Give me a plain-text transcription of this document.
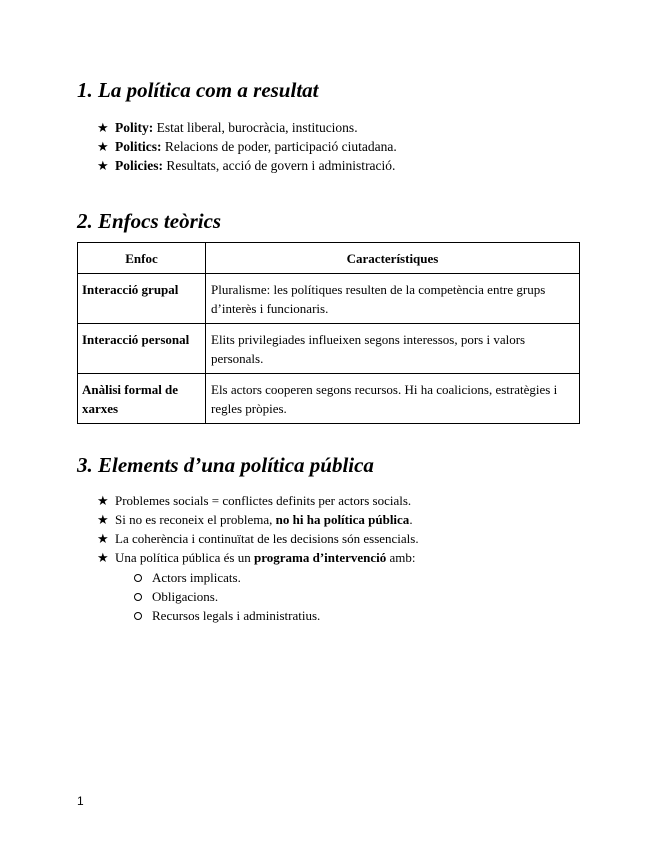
1. La política com a resultat
★ Polity: Estat liberal, burocràcia, institucions.
★ Politics: Relacions de poder, participació ciutadana.
★ Policies: Resultats, acció de govern i administració.
2. Enfocs teòrics
Enfoc	Característiques
Interacció grupal	Pluralisme: les polítiques resulten de la competència entre grups d’interès i funcionaris.
Interacció personal	Elits privilegiades influeixen segons interessos, pors i valors personals.
Anàlisi formal de xarxes	Els actors cooperen segons recursos. Hi ha coalicions, estratègies i regles pròpies.
3. Elements d’una política pública
★ Problemes socials = conflictes definits per actors socials.
★ Si no es reconeix el problema, no hi ha política pública.
★ La coherència i continuïtat de les decisions són essencials.
★ Una política pública és un programa d’intervenció amb:
Actors implicats.
Obligacions.
Recursos legals i administratius.
1
